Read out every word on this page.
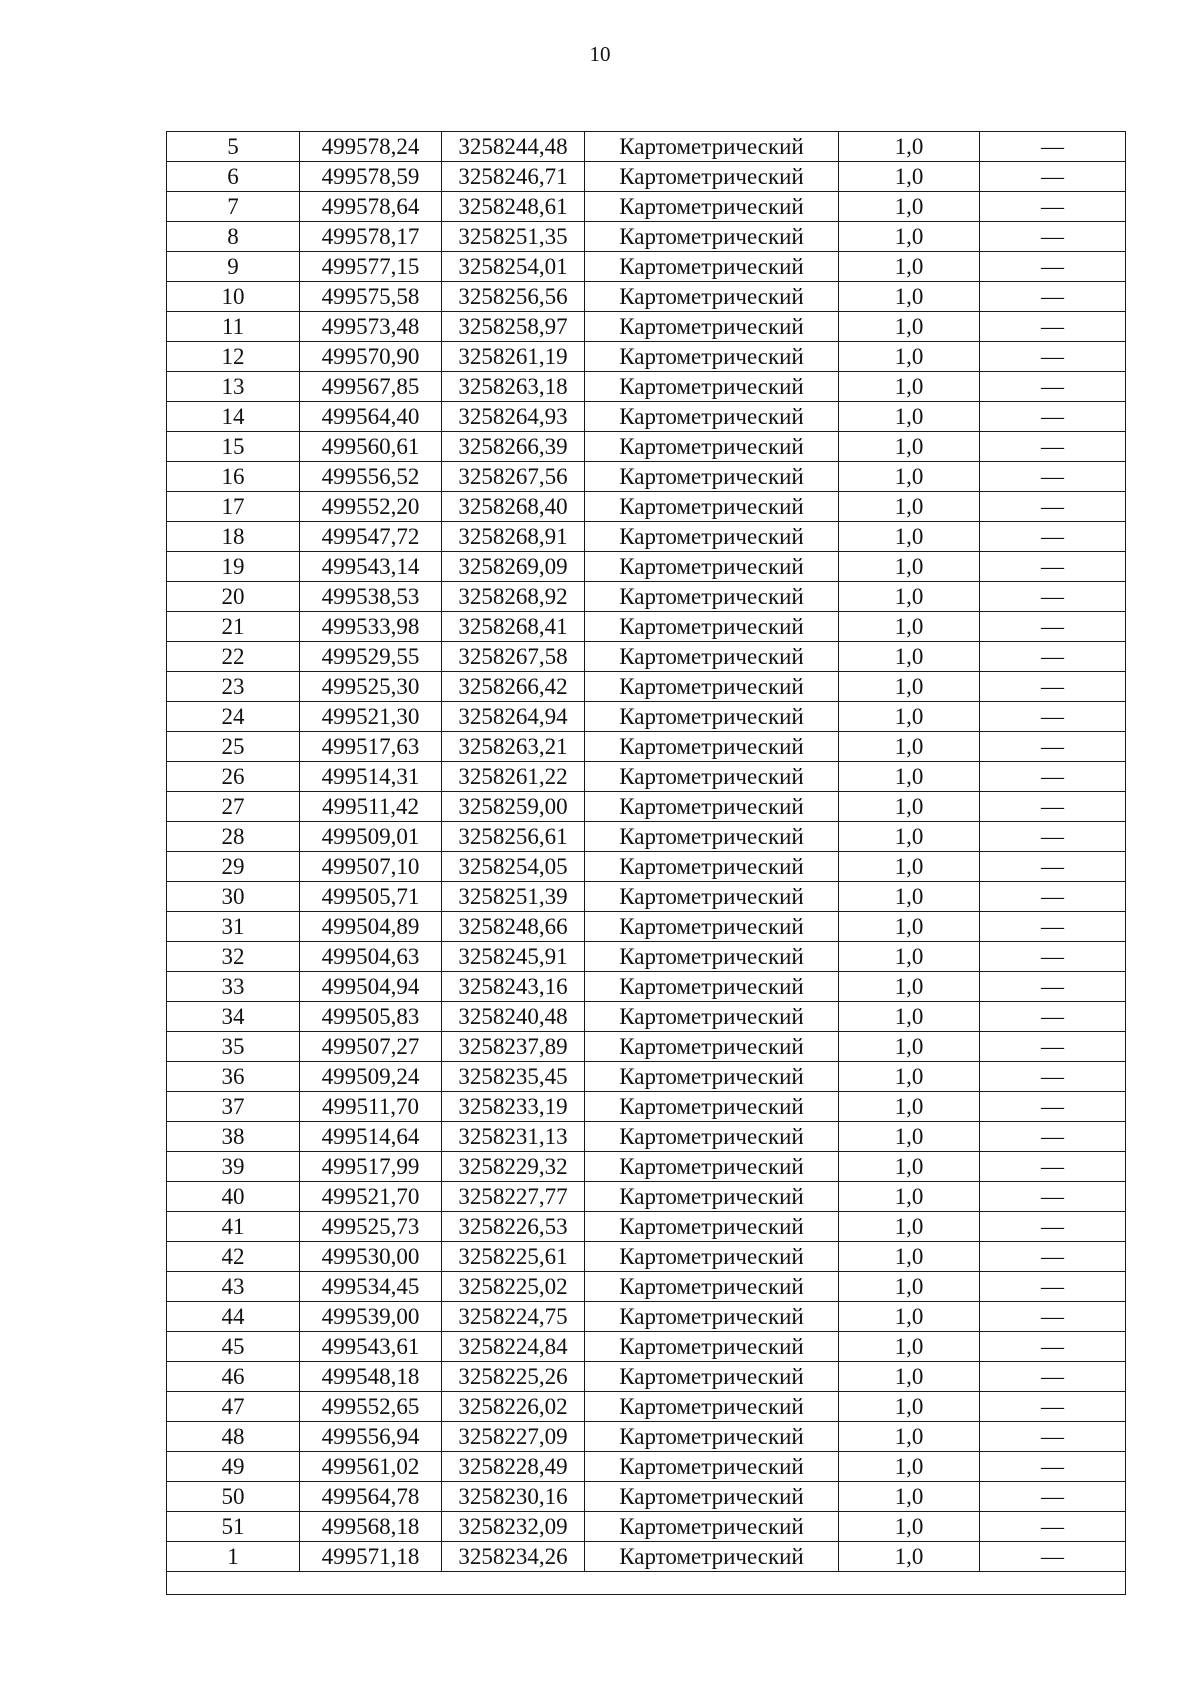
10
5	499578,24	3258244,48	Картометрический	1,0	—
6	499578,59	3258246,71	Картометрический	1,0	—
7	499578,64	3258248,61	Картометрический	1,0	—
8	499578,17	3258251,35	Картометрический	1,0	—
9	499577,15	3258254,01	Картометрический	1,0	—
10	499575,58	3258256,56	Картометрический	1,0	—
11	499573,48	3258258,97	Картометрический	1,0	—
12	499570,90	3258261,19	Картометрический	1,0	—
13	499567,85	3258263,18	Картометрический	1,0	—
14	499564,40	3258264,93	Картометрический	1,0	—
15	499560,61	3258266,39	Картометрический	1,0	—
16	499556,52	3258267,56	Картометрический	1,0	—
17	499552,20	3258268,40	Картометрический	1,0	—
18	499547,72	3258268,91	Картометрический	1,0	—
19	499543,14	3258269,09	Картометрический	1,0	—
20	499538,53	3258268,92	Картометрический	1,0	—
21	499533,98	3258268,41	Картометрический	1,0	—
22	499529,55	3258267,58	Картометрический	1,0	—
23	499525,30	3258266,42	Картометрический	1,0	—
24	499521,30	3258264,94	Картометрический	1,0	—
25	499517,63	3258263,21	Картометрический	1,0	—
26	499514,31	3258261,22	Картометрический	1,0	—
27	499511,42	3258259,00	Картометрический	1,0	—
28	499509,01	3258256,61	Картометрический	1,0	—
29	499507,10	3258254,05	Картометрический	1,0	—
30	499505,71	3258251,39	Картометрический	1,0	—
31	499504,89	3258248,66	Картометрический	1,0	—
32	499504,63	3258245,91	Картометрический	1,0	—
33	499504,94	3258243,16	Картометрический	1,0	—
34	499505,83	3258240,48	Картометрический	1,0	—
35	499507,27	3258237,89	Картометрический	1,0	—
36	499509,24	3258235,45	Картометрический	1,0	—
37	499511,70	3258233,19	Картометрический	1,0	—
38	499514,64	3258231,13	Картометрический	1,0	—
39	499517,99	3258229,32	Картометрический	1,0	—
40	499521,70	3258227,77	Картометрический	1,0	—
41	499525,73	3258226,53	Картометрический	1,0	—
42	499530,00	3258225,61	Картометрический	1,0	—
43	499534,45	3258225,02	Картометрический	1,0	—
44	499539,00	3258224,75	Картометрический	1,0	—
45	499543,61	3258224,84	Картометрический	1,0	—
46	499548,18	3258225,26	Картометрический	1,0	—
47	499552,65	3258226,02	Картометрический	1,0	—
48	499556,94	3258227,09	Картометрический	1,0	—
49	499561,02	3258228,49	Картометрический	1,0	—
50	499564,78	3258230,16	Картометрический	1,0	—
51	499568,18	3258232,09	Картометрический	1,0	—
1	499571,18	3258234,26	Картометрический	1,0	—
